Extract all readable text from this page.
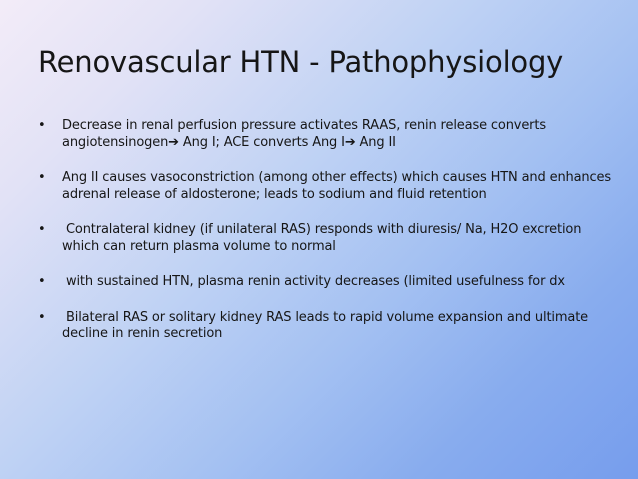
Renovascular HTN - Pathophysiology
•	Decrease in renal perfusion pressure activates RAAS, renin release converts angiotensinogen➔ Ang I; ACE converts Ang I➔ Ang II
•	Ang II causes vasoconstriction (among other effects) which causes HTN and enhances adrenal release of aldosterone; leads to sodium and fluid retention
•	Contralateral kidney (if unilateral RAS) responds with diuresis/ Na, H2O excretion which can return plasma volume to normal
•	with sustained HTN, plasma renin activity decreases (limited usefulness for dx
•	Bilateral RAS or solitary kidney RAS leads to rapid volume expansion and ultimate decline in renin secretion
